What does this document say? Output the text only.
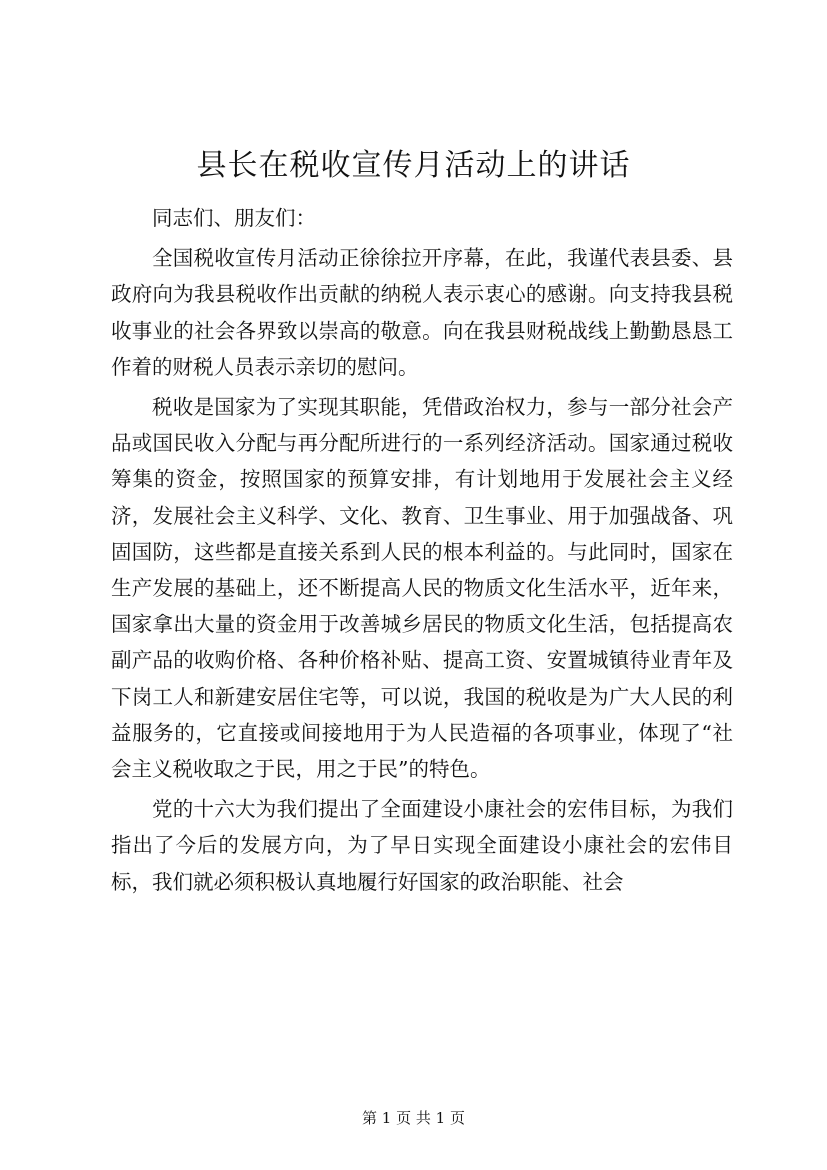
县长在税收宣传月活动上的讲话

同志们、朋友们：

全国税收宣传月活动正徐徐拉开序幕，在此，我谨代表县委、县政府向为我县税收作出贡献的纳税人表示衷心的感谢。向支持我县税收事业的社会各界致以崇高的敬意。向在我县财税战线上勤勤恳恳工作着的财税人员表示亲切的慰问。

税收是国家为了实现其职能，凭借政治权力，参与一部分社会产品或国民收入分配与再分配所进行的一系列经济活动。国家通过税收筹集的资金，按照国家的预算安排，有计划地用于发展社会主义经济，发展社会主义科学、文化、教育、卫生事业、用于加强战备、巩固国防，这些都是直接关系到人民的根本利益的。与此同时，国家在生产发展的基础上，还不断提高人民的物质文化生活水平，近年来，国家拿出大量的资金用于改善城乡居民的物质文化生活，包括提高农副产品的收购价格、各种价格补贴、提高工资、安置城镇待业青年及下岗工人和新建安居住宅等，可以说，我国的税收是为广大人民的利益服务的，它直接或间接地用于为人民造福的各项事业，体现了“社会主义税收取之于民，用之于民”的特色。

党的十六大为我们提出了全面建设小康社会的宏伟目标，为我们指出了今后的发展方向，为了早日实现全面建设小康社会的宏伟目标，我们就必须积极认真地履行好国家的政治职能、社会

第 1 页 共 1 页
